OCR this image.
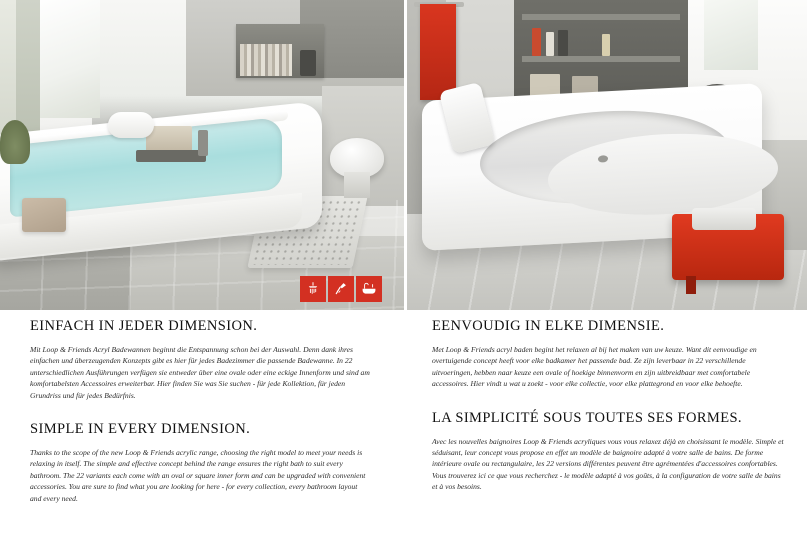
EINFACH IN JEDER DIMENSION.

Mit Loop & Friends Acryl Badewannen beginnt die Entspannung schon bei der Auswahl. Denn dank ihres einfachen und überzeugenden Konzepts gibt es hier für jedes Badezimmer die passende Badewanne. In 22 unterschiedlichen Ausführungen verfügen sie entweder über eine ovale oder eine eckige Innenform und sind am komfortabelsten Accessoires erweiterbar. Hier finden Sie was Sie suchen - für jede Kollektion, für jeden Grundriss und für jedes Bedürfnis.

SIMPLE IN EVERY DIMENSION.

Thanks to the scope of the new Loop & Friends acrylic range, choosing the right model to meet your needs is relaxing in itself. The simple and effective concept behind the range ensures the right bath to suit every bathroom. The 22 variants each come with an oval or square inner form and can be upgraded with convenient accessories. You are sure to find what you are looking for here - for every collection, every bathroom layout and every need.

EENVOUDIG IN ELKE DIMENSIE.

Met Loop & Friends acryl baden begint het relaxen al bij het maken van uw keuze. Want dit eenvoudige en overtuigende concept heeft voor elke badkamer het passende bad. Ze zijn leverbaar in 22 verschillende uitvoeringen, hebben naar keuze een ovale of hoekige binnenvorm en zijn uitbreidbaar met comfortabele accessoires. Hier vindt u wat u zoekt - voor elke collectie, voor elke plattegrond en voor elke behoefte.

LA SIMPLICITÉ SOUS TOUTES SES FORMES.

Avec les nouvelles baignoires Loop & Friends acryliques vous vous relaxez déjà en choisissant le modèle. Simple et séduisant, leur concept vous propose en effet un modèle de baignoire adapté à votre salle de bains. De forme intérieure ovale ou rectangulaire, les 22 versions différentes peuvent être agrémentées d'accessoires confortables. Vous trouverez ici ce que vous recherchez - le modèle adapté à vos goûts, à la configuration de votre salle de bains et à vos besoins.
